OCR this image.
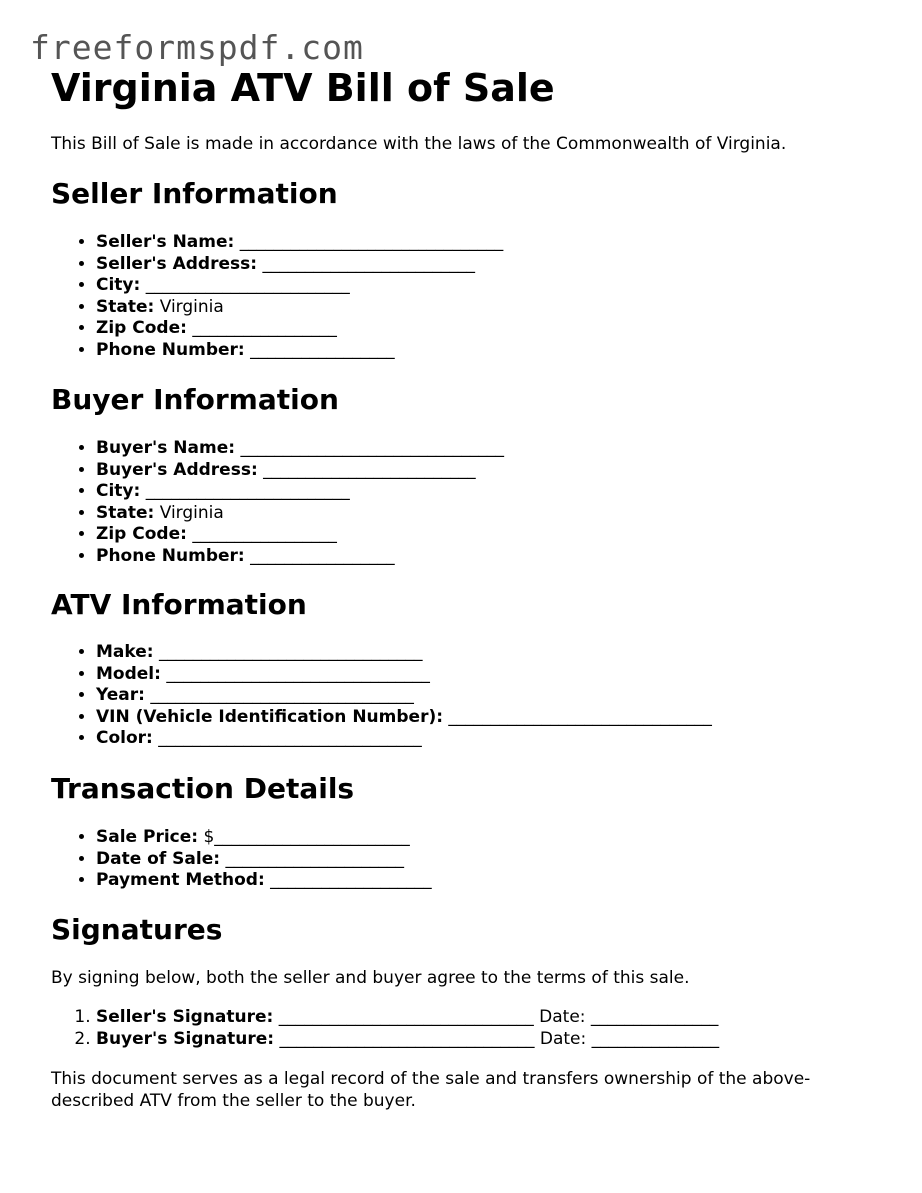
freeformspdf.com
Virginia ATV Bill of Sale

This Bill of Sale is made in accordance with the laws of the Commonwealth of Virginia.

Seller Information
• Seller's Name: _______________________________
• Seller's Address: _________________________
• City: ________________________
• State: Virginia
• Zip Code: _________________
• Phone Number: _________________
Buyer Information
• Buyer's Name: _______________________________
• Buyer's Address: _________________________
• City: ________________________
• State: Virginia
• Zip Code: _________________
• Phone Number: _________________
ATV Information
• Make: _______________________________
• Model: _______________________________
• Year: _______________________________
• VIN (Vehicle Identification Number): _______________________________
• Color: _______________________________
Transaction Details
• Sale Price: $_______________________
• Date of Sale: _____________________
• Payment Method: ___________________
Signatures

By signing below, both the seller and buyer agree to the terms of this sale.

1. Seller's Signature: ______________________________ Date: _______________
2. Buyer's Signature: ______________________________ Date: _______________

This document serves as a legal record of the sale and transfers ownership of the above-described ATV from the seller to the buyer.
